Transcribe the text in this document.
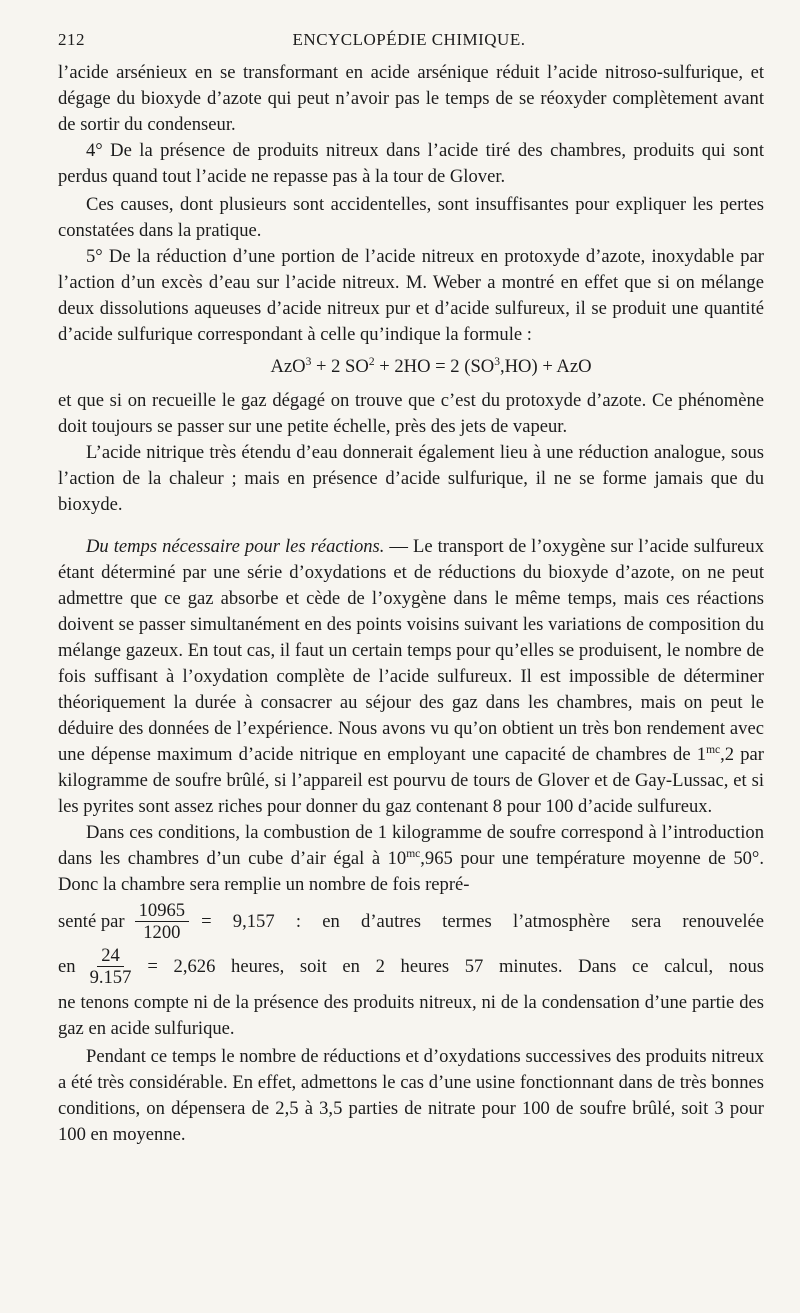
212	ENCYCLOPÉDIE CHIMIQUE.

l’acide arsénieux en se transformant en acide arsénique réduit l’acide nitroso-sulfurique, et dégage du bioxyde d’azote qui peut n’avoir pas le temps de se réoxyder complètement avant de sortir du condenseur.

4° De la présence de produits nitreux dans l’acide tiré des chambres, produits qui sont perdus quand tout l’acide ne repasse pas à la tour de Glover.

Ces causes, dont plusieurs sont accidentelles, sont insuffisantes pour expliquer les pertes constatées dans la pratique.

5° De la réduction d’une portion de l’acide nitreux en protoxyde d’azote, inoxydable par l’action d’un excès d’eau sur l’acide nitreux. M. Weber a montré en effet que si on mélange deux dissolutions aqueuses d’acide nitreux pur et d’acide sulfureux, il se produit une quantité d’acide sulfurique correspondant à celle qu’indique la formule :

AzO$^3$ + 2 $SO^2 + 2HO = 2$ $(SO^3,HO)$ + AzO

et que si on recueille le gaz dégagé on trouve que c’est du protoxyde d’azote. Ce phénomène doit toujours se passer sur une petite échelle, près des jets de vapeur.

L’acide nitrique très étendu d’eau donnerait également lieu à une réduction analogue, sous l’action de la chaleur ; mais en présence d’acide sulfurique, il ne se forme jamais que du bioxyde.

Du temps nécessaire pour les réactions. — Le transport de l’oxygène sur l’acide sulfureux étant déterminé par une série d’oxydations et de réductions du bioxyde d’azote, on ne peut admettre que ce gaz absorbe et cède de l’oxygène dans le même temps, mais ces réactions doivent se passer simultanément en des points voisins suivant les variations de composition du mélange gazeux. En tout cas, il faut un certain temps pour qu’elles se produisent, le nombre de fois suffisant à l’oxydation complète de l’acide sulfureux. Il est impossible de déterminer théoriquement la durée à consacrer au séjour des gaz dans les chambres, mais on peut le déduire des données de l’expérience. Nous avons vu qu’on obtient un très bon rendement avec une dépense maximum d’acide nitrique en employant une capacité de chambres de $1^{mc},2$ par kilogramme de soufre brûlé, si l’appareil est pourvu de tours de Glover et de Gay-Lussac, et si les pyrites sont assez riches pour donner du gaz contenant 8 pour 100 d’acide sulfureux.

Dans ces conditions, la combustion de 1 kilogramme de soufre correspond à l’introduction dans les chambres d’un cube d’air égal à $10^{mc},965$ pour une température moyenne de 50°. Donc la chambre sera remplie un nombre de fois repré-

senté par $\frac{10965}{1200} = 9,157$ : en d’autres termes l’atmosphère sera renouvelée
en $\frac{24}{9.157} = 2,626$ heures, soit en 2 heures 57 minutes. Dans ce calcul, nous

ne tenons compte ni de la présence des produits nitreux, ni de la condensation d’une partie des gaz en acide sulfurique.

Pendant ce temps le nombre de réductions et d’oxydations successives des produits nitreux a été très considérable. En effet, admettons le cas d’une usine fonctionnant dans de très bonnes conditions, on dépensera de 2,5 à 3,5 parties de nitrate pour 100 de soufre brûlé, soit 3 pour 100 en moyenne.
